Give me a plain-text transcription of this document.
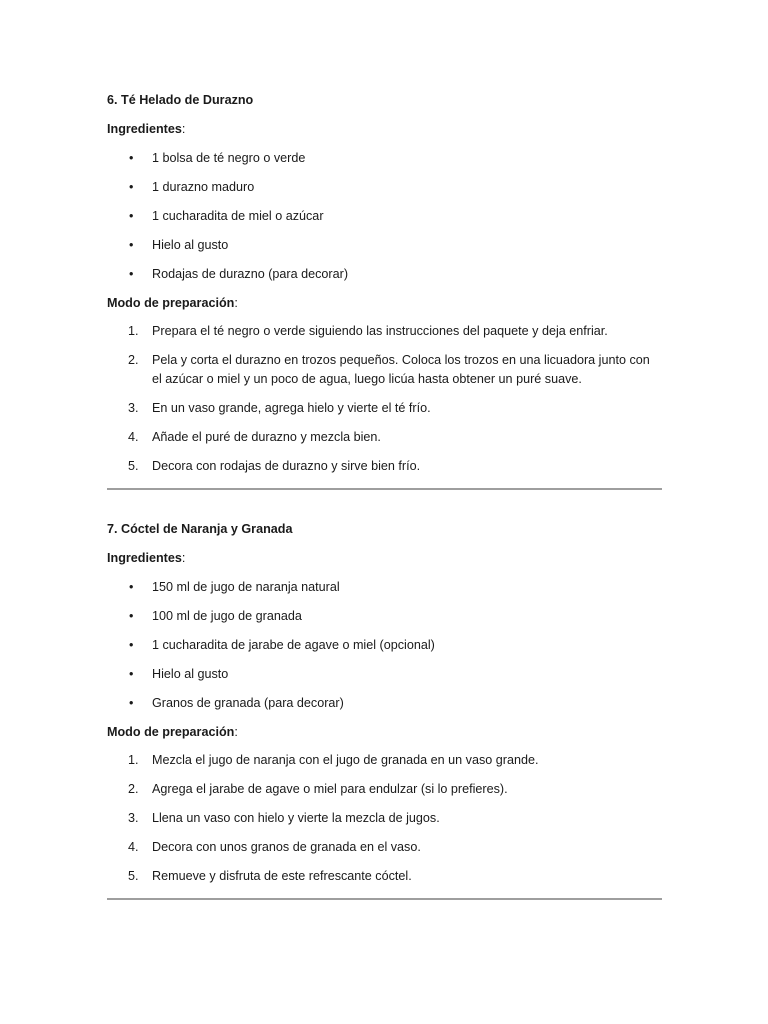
6. Té Helado de Durazno

Ingredientes:

• 1 bolsa de té negro o verde
• 1 durazno maduro
• 1 cucharadita de miel o azúcar
• Hielo al gusto
• Rodajas de durazno (para decorar)

Modo de preparación:

1. Prepara el té negro o verde siguiendo las instrucciones del paquete y deja enfriar.
2. Pela y corta el durazno en trozos pequeños. Coloca los trozos en una licuadora junto con el azúcar o miel y un poco de agua, luego licúa hasta obtener un puré suave.
3. En un vaso grande, agrega hielo y vierte el té frío.
4. Añade el puré de durazno y mezcla bien.
5. Decora con rodajas de durazno y sirve bien frío.

7. Cóctel de Naranja y Granada

Ingredientes:

• 150 ml de jugo de naranja natural
• 100 ml de jugo de granada
• 1 cucharadita de jarabe de agave o miel (opcional)
• Hielo al gusto
• Granos de granada (para decorar)

Modo de preparación:

1. Mezcla el jugo de naranja con el jugo de granada en un vaso grande.
2. Agrega el jarabe de agave o miel para endulzar (si lo prefieres).
3. Llena un vaso con hielo y vierte la mezcla de jugos.
4. Decora con unos granos de granada en el vaso.
5. Remueve y disfruta de este refrescante cóctel.
